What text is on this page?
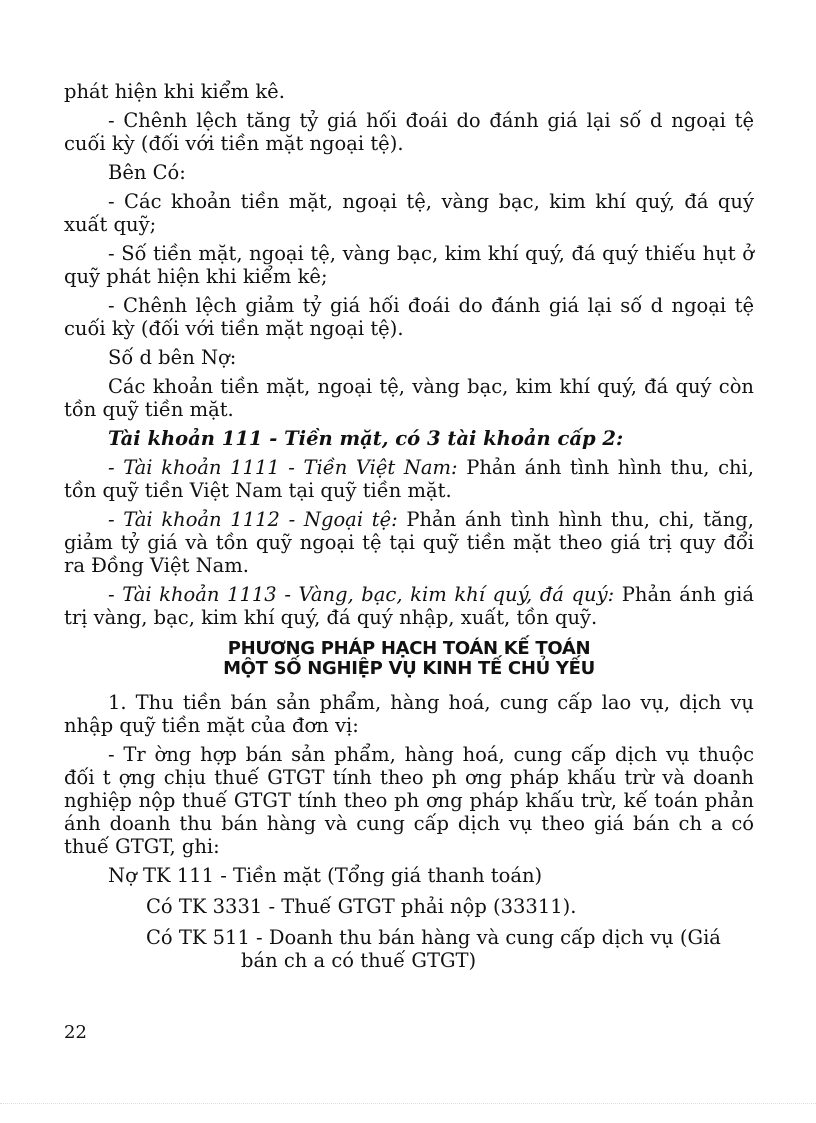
phát hiện khi kiểm kê.

- Chênh lệch tăng tỷ giá hối đoái do đánh giá lại số d ngoại tệ cuối kỳ (đối với tiền mặt ngoại tệ).

Bên Có:

- Các khoản tiền mặt, ngoại tệ, vàng bạc, kim khí quý, đá quý xuất quỹ;

- Số tiền mặt, ngoại tệ, vàng bạc, kim khí quý, đá quý thiếu hụt ở quỹ phát hiện khi kiểm kê;

- Chênh lệch giảm tỷ giá hối đoái do đánh giá lại số d ngoại tệ cuối kỳ (đối với tiền mặt ngoại tệ).

Số d bên Nợ:

Các khoản tiền mặt, ngoại tệ, vàng bạc, kim khí quý, đá quý còn tồn quỹ tiền mặt.

Tài khoản 111 - Tiền mặt, có 3 tài khoản cấp 2:

- Tài khoản 1111 - Tiền Việt Nam: Phản ánh tình hình thu, chi, tồn quỹ tiền Việt Nam tại quỹ tiền mặt.

- Tài khoản 1112 - Ngoại tệ: Phản ánh tình hình thu, chi, tăng, giảm tỷ giá và tồn quỹ ngoại tệ tại quỹ tiền mặt theo giá trị quy đổi ra Đồng Việt Nam.

- Tài khoản 1113 - Vàng, bạc, kim khí quý, đá quý: Phản ánh giá trị vàng, bạc, kim khí quý, đá quý nhập, xuất, tồn quỹ.

PHƯƠNG PHÁP HẠCH TOÁN KẾ TOÁN
MỘT SỐ NGHIỆP VỤ KINH TẾ CHỦ YẾU

1. Thu tiền bán sản phẩm, hàng hoá, cung cấp lao vụ, dịch vụ nhập quỹ tiền mặt của đơn vị:

- Tr ờng hợp bán sản phẩm, hàng hoá, cung cấp dịch vụ thuộc đối t ợng chịu thuế GTGT tính theo ph ơng pháp khấu trừ và doanh nghiệp nộp thuế GTGT tính theo ph ơng pháp khấu trừ, kế toán phản ánh doanh thu bán hàng và cung cấp dịch vụ theo giá bán ch a có thuế GTGT, ghi:

Nợ TK 111 - Tiền mặt (Tổng giá thanh toán)

Có TK 3331 - Thuế GTGT phải nộp (33311).

Có TK 511 - Doanh thu bán hàng và cung cấp dịch vụ (Giá
bán ch a có thuế GTGT)

22
